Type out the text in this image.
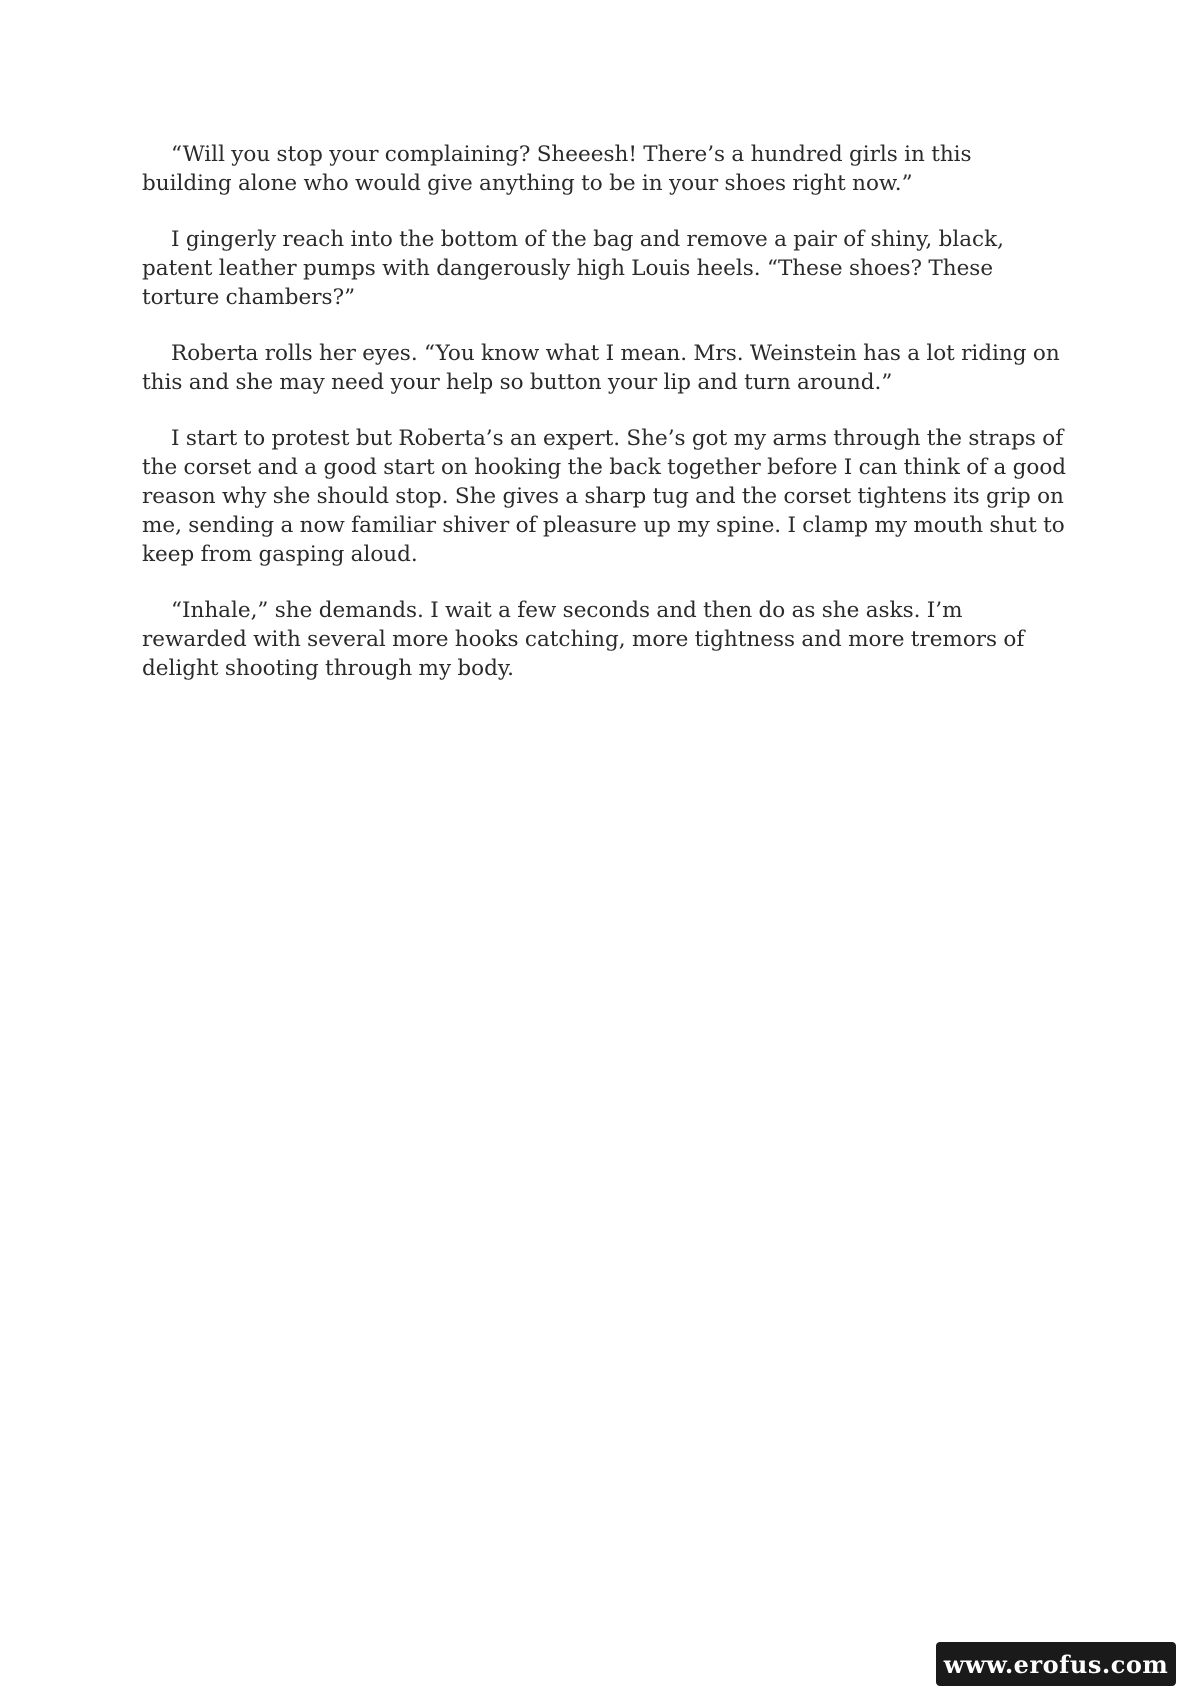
“Will you stop your complaining? Sheeesh! There’s a hundred girls in this building alone who would give anything to be in your shoes right now.”

I gingerly reach into the bottom of the bag and remove a pair of shiny, black, patent leather pumps with dangerously high Louis heels. “These shoes? These torture chambers?”

Roberta rolls her eyes. “You know what I mean. Mrs. Weinstein has a lot riding on this and she may need your help so button your lip and turn around.”

I start to protest but Roberta’s an expert. She’s got my arms through the straps of the corset and a good start on hooking the back together before I can think of a good reason why she should stop. She gives a sharp tug and the corset tightens its grip on me, sending a now familiar shiver of pleasure up my spine. I clamp my mouth shut to keep from gasping aloud.

“Inhale,” she demands. I wait a few seconds and then do as she asks. I’m rewarded with several more hooks catching, more tightness and more tremors of delight shooting through my body.

www.erofus.com
